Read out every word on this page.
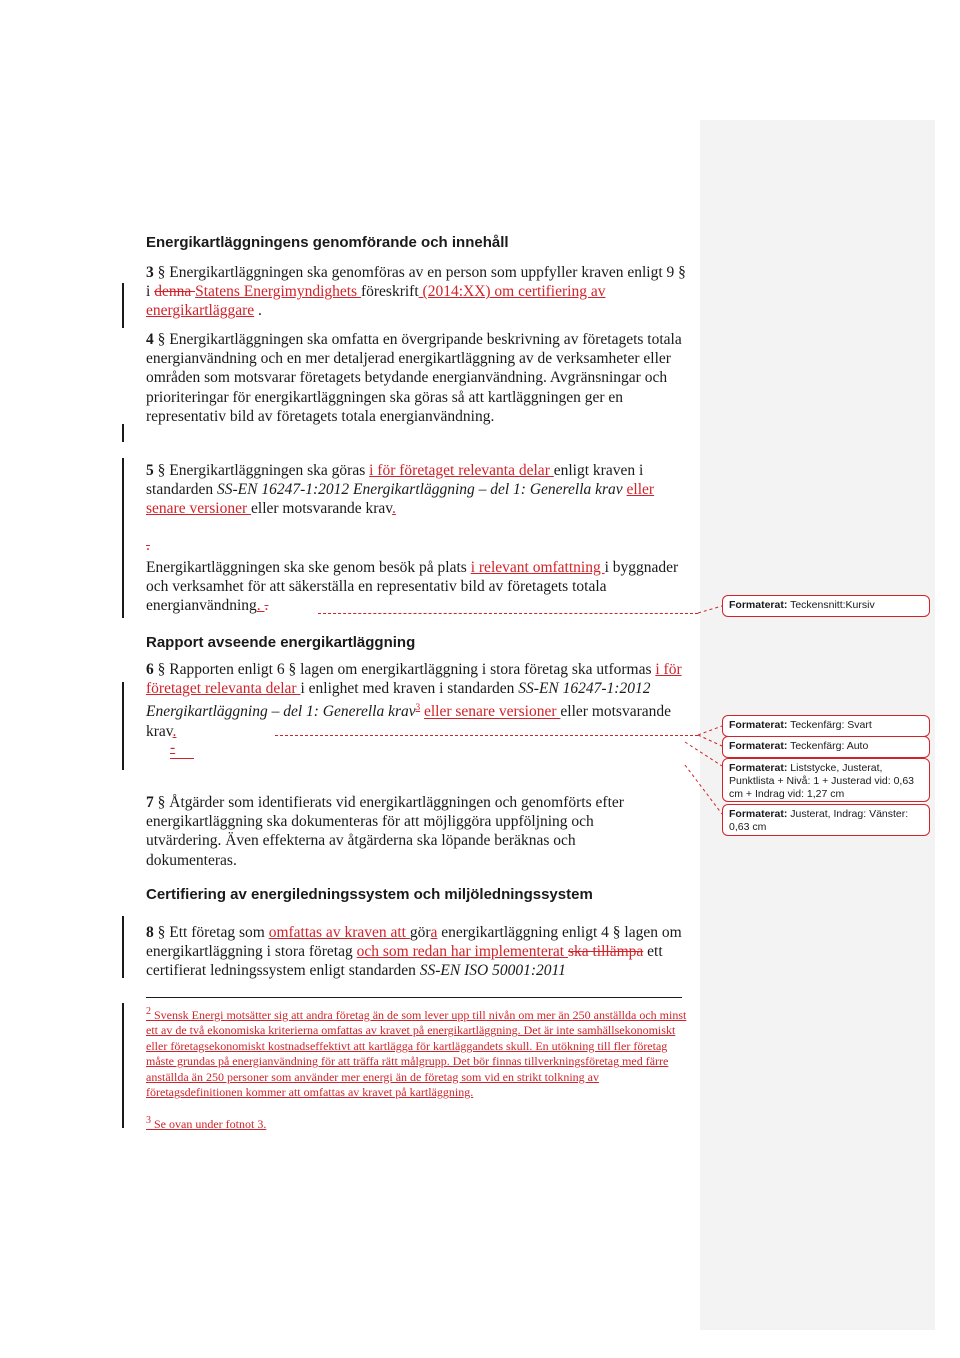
Energikartläggningens genomförande och innehåll

3 § Energikartläggningen ska genomföras av en person som uppfyller kraven enligt 9 § i denna Statens Energimyndighets föreskrift (2014:XX) om certifiering av energikartläggare .

4 § Energikartläggningen ska omfatta en övergripande beskrivning av företagets totala energianvändning och en mer detaljerad energikartläggning av de verksamheter eller områden som motsvarar företagets betydande energianvändning. Avgränsningar och prioriteringar för energikartläggningen ska göras så att kartläggningen ger en representativ bild av företagets totala energianvändning.

5 § Energikartläggningen ska göras i för företaget relevanta delar enligt kraven i standarden SS-EN 16247-1:2012 Energikartläggning – del 1: Generella krav eller senare versioner eller motsvarande krav.

.

Energikartläggningen ska ske genom besök på plats i relevant omfattning i byggnader och verksamhet för att säkerställa en representativ bild av företagets totala energianvändning. .

Rapport avseende energikartläggning

6 § Rapporten enligt 6 § lagen om energikartläggning i stora företag ska utformas i för företaget relevanta delar i enlighet med kraven i standarden SS-EN 16247-1:2012 Energikartläggning – del 1: Generella krav$^3$ eller senare versioner eller motsvarande krav.

-

7 § Åtgärder som identifierats vid energikartläggningen och genomförts efter energikartläggning ska dokumenteras för att möjliggöra uppföljning och utvärdering. Även effekterna av åtgärderna ska löpande beräknas och dokumenteras.

Certifiering av energiledningssystem och miljöledningssystem

8 § Ett företag som omfattas av kraven att göra energikartläggning enligt 4 § lagen om energikartläggning i stora företag och som redan har implementerat ska tillämpa ett certifierat ledningssystem enligt standarden SS-EN ISO 50001:2011

$^2$ Svensk Energi motsätter sig att andra företag än de som lever upp till nivån om mer än 250 anställda och minst ett av de två ekonomiska kriterierna omfattas av kravet på energikartläggning. Det är inte samhällsekonomiskt eller företagsekonomiskt kostnadseffektivt att kartlägga för kartläggandets skull. En utökning till fler företag måste grundas på energianvändning för att träffa rätt målgrupp. Det bör finnas tillverkningsföretag med färre anställda än 250 personer som använder mer energi än de företag som vid en strikt tolkning av företagsdefinitionen kommer att omfattas av kravet på kartläggning.

$^3$ Se ovan under fotnot 3.

Formaterat: Teckensnitt:Kursiv
Formaterat: Teckenfärg: Svart
Formaterat: Teckenfärg: Auto
Formaterat: Liststycke, Justerat, Punktlista + Nivå: 1 + Justerad vid: 0,63 cm + Indrag vid: 1,27 cm
Formaterat: Justerat, Indrag: Vänster: 0,63 cm
